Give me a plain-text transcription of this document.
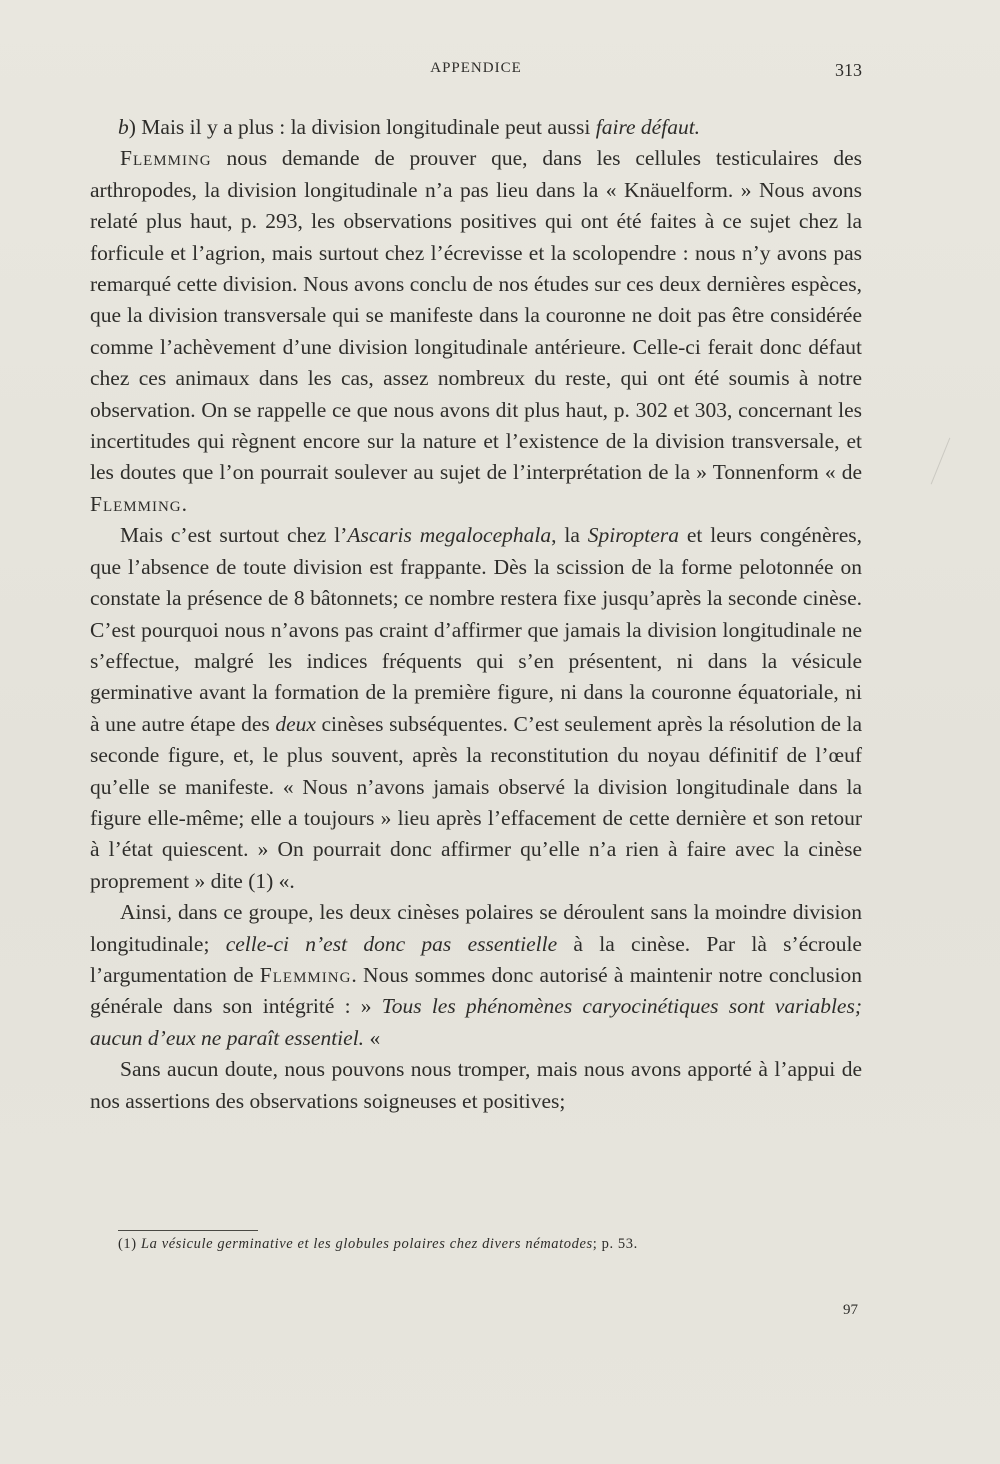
APPENDICE	313

b) Mais il y a plus : la division longitudinale peut aussi faire défaut.

Flemming nous demande de prouver que, dans les cellules testiculaires des arthropodes, la division longitudinale n’a pas lieu dans la « Knäuelform. » Nous avons relaté plus haut, p. 293, les observations positives qui ont été faites à ce sujet chez la forficule et l’agrion, mais surtout chez l’écrevisse et la scolopendre : nous n’y avons pas remarqué cette division. Nous avons conclu de nos études sur ces deux dernières espèces, que la division transversale qui se manifeste dans la couronne ne doit pas être considérée comme l’achèvement d’une division longitudinale antérieure. Celle-ci ferait donc défaut chez ces animaux dans les cas, assez nombreux du reste, qui ont été soumis à notre observation. On se rappelle ce que nous avons dit plus haut, p. 302 et 303, concernant les incertitudes qui règnent encore sur la nature et l’existence de la division transversale, et les doutes que l’on pourrait soulever au sujet de l’interprétation de la » Tonnenform « de Flemming.

Mais c’est surtout chez l’Ascaris megalocephala, la Spiroptera et leurs congénères, que l’absence de toute division est frappante. Dès la scission de la forme pelotonnée on constate la présence de 8 bâtonnets; ce nombre restera fixe jusqu’après la seconde cinèse. C’est pourquoi nous n’avons pas craint d’affirmer que jamais la division longitudinale ne s’effectue, malgré les indices fréquents qui s’en présentent, ni dans la vésicule germinative avant la formation de la première figure, ni dans la couronne équatoriale, ni à une autre étape des deux cinèses subséquentes. C’est seulement après la résolution de la seconde figure, et, le plus souvent, après la reconstitution du noyau définitif de l’œuf qu’elle se manifeste. « Nous n’avons jamais observé la division longitudinale dans la figure elle-même; elle a toujours » lieu après l’effacement de cette dernière et son retour à l’état quiescent. » On pourrait donc affirmer qu’elle n’a rien à faire avec la cinèse proprement » dite (1) «.

Ainsi, dans ce groupe, les deux cinèses polaires se déroulent sans la moindre division longitudinale; celle-ci n’est donc pas essentielle à la cinèse. Par là s’écroule l’argumentation de Flemming. Nous sommes donc autorisé à maintenir notre conclusion générale dans son intégrité : » Tous les phénomènes caryocinétiques sont variables; aucun d’eux ne paraît essentiel. «

Sans aucun doute, nous pouvons nous tromper, mais nous avons apporté à l’appui de nos assertions des observations soigneuses et positives;

(1) La vésicule germinative et les globules polaires chez divers nématodes; p. 53.
97
